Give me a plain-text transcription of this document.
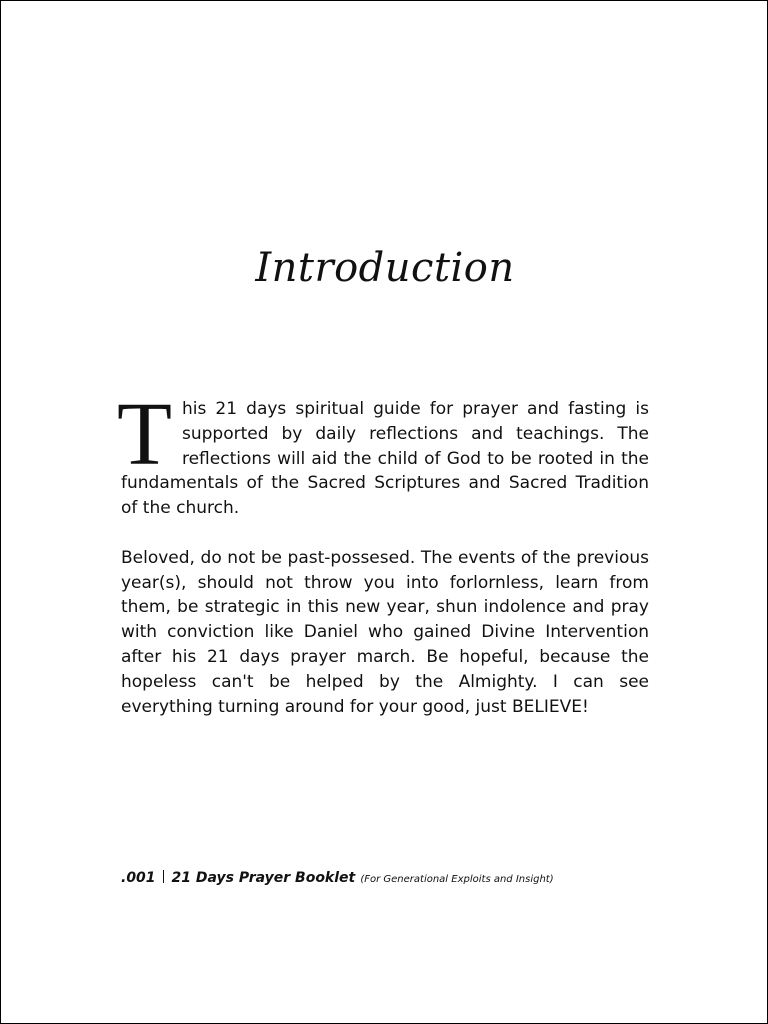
Introduction

This 21 days spiritual guide for prayer and fasting is supported by daily reflections and teachings. The reflections will aid the child of God to be rooted in the fundamentals of the Sacred Scriptures and Sacred Tradition of the church.

Beloved, do not be past-possesed. The events of the previous year(s), should not throw you into forlornless, learn from them, be strategic in this new year, shun indolence and pray with conviction like Daniel who gained Divine Intervention after his 21 days prayer march. Be hopeful, because the hopeless can't be helped by the Almighty. I can see everything turning around for your good, just BELIEVE!

.001 21 Days Prayer Booklet (For Generational Exploits and Insight)
